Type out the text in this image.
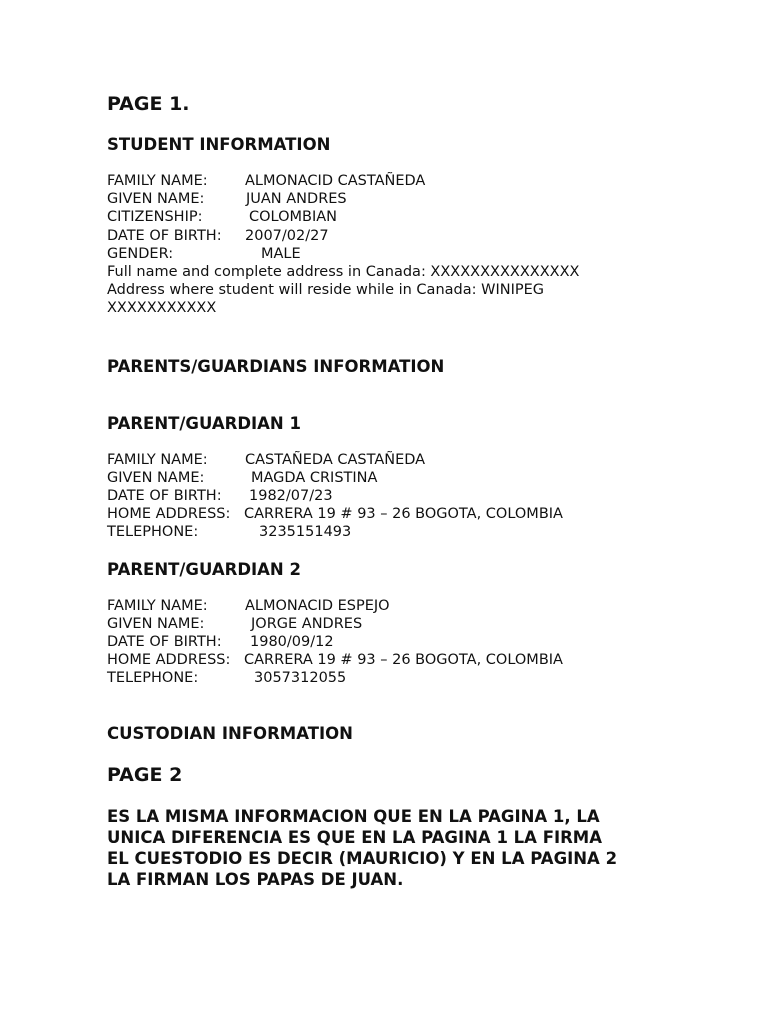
PAGE 1.
STUDENT INFORMATION
FAMILY NAME:	ALMONACID CASTAÑEDA
GIVEN NAME:	JUAN ANDRES
CITIZENSHIP:	COLOMBIAN
DATE OF BIRTH:	2007/02/27
GENDER:	MALE
Full name and complete address in Canada: XXXXXXXXXXXXXXX
Address where student will reside while in Canada: WINIPEG
XXXXXXXXXXX
PARENTS/GUARDIANS INFORMATION
PARENT/GUARDIAN 1
FAMILY NAME:	CASTAÑEDA CASTAÑEDA
GIVEN NAME:	MAGDA CRISTINA
DATE OF BIRTH:	1982/07/23
HOME ADDRESS: CARRERA 19 # 93 – 26 BOGOTA, COLOMBIA
TELEPHONE:	3235151493
PARENT/GUARDIAN 2
FAMILY NAME:	ALMONACID ESPEJO
GIVEN NAME:	JORGE ANDRES
DATE OF BIRTH:	1980/09/12
HOME ADDRESS: CARRERA 19 # 93 – 26 BOGOTA, COLOMBIA
TELEPHONE:	3057312055
CUSTODIAN INFORMATION
PAGE 2
ES LA MISMA INFORMACION QUE EN LA PAGINA 1, LA
UNICA DIFERENCIA ES QUE EN LA PAGINA 1 LA FIRMA
EL CUESTODIO ES DECIR (MAURICIO) Y EN LA PAGINA 2
LA FIRMAN LOS PAPAS DE JUAN.
